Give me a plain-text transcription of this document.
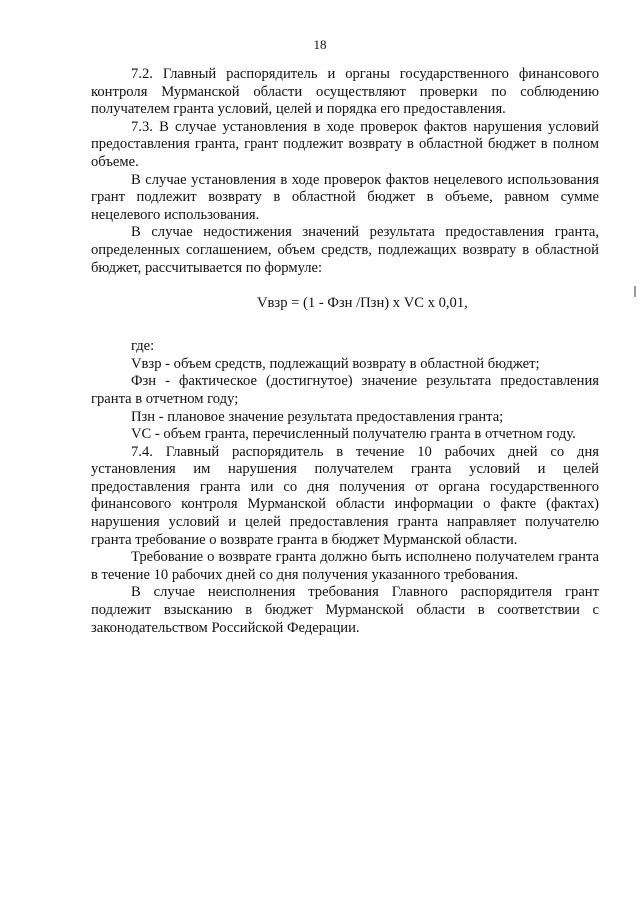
18

7.2. Главный распорядитель и органы государственного финансового контроля Мурманской области осуществляют проверки по соблюдению получателем гранта условий, целей и порядка его предоставления.

7.3. В случае установления в ходе проверок фактов нарушения условий предоставления гранта, грант подлежит возврату в областной бюджет в полном объеме.

В случае установления в ходе проверок фактов нецелевого использования грант подлежит возврату в областной бюджет в объеме, равном сумме нецелевого использования.

В случае недостижения значений результата предоставления гранта, определенных соглашением, объем средств, подлежащих возврату в областной бюджет, рассчитывается по формуле:

Vвзр = (1 - Фзн /Пзн) х VC х 0,01,

где:

Vвзр - объем средств, подлежащий возврату в областной бюджет;

Фзн - фактическое (достигнутое) значение результата предоставления гранта в отчетном году;

Пзн - плановое значение результата предоставления гранта;

VC - объем гранта, перечисленный получателю гранта в отчетном году.

7.4. Главный распорядитель в течение 10 рабочих дней со дня установления им нарушения получателем гранта условий и целей предоставления гранта или со дня получения от органа государственного финансового контроля Мурманской области информации о факте (фактах) нарушения условий и целей предоставления гранта направляет получателю гранта требование о возврате гранта в бюджет Мурманской области.

Требование о возврате гранта должно быть исполнено получателем гранта в течение 10 рабочих дней со дня получения указанного требования.

В случае неисполнения требования Главного распорядителя грант подлежит взысканию в бюджет Мурманской области в соответствии с законодательством Российской Федерации.
